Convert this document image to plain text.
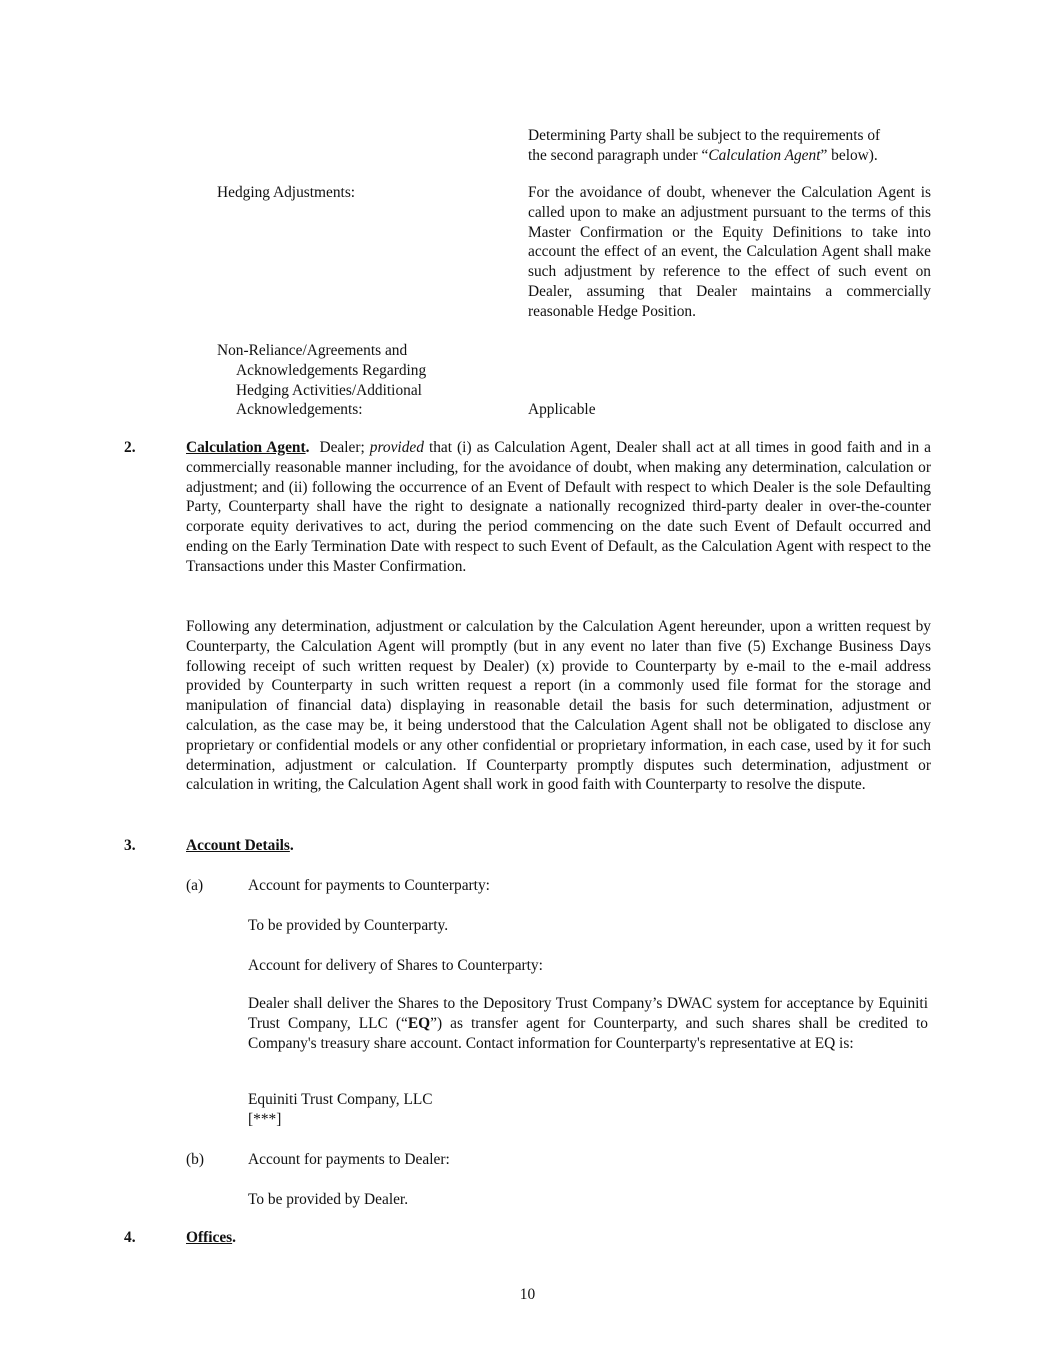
Determining Party shall be subject to the requirements of
the second paragraph under “Calculation Agent” below).
Hedging Adjustments:	For the avoidance of doubt, whenever the Calculation Agent is called upon to make an adjustment pursuant to the terms of this Master Confirmation or the Equity Definitions to take into account the effect of an event, the Calculation Agent shall make such adjustment by reference to the effect of such event on Dealer, assuming that Dealer maintains a commercially reasonable Hedge Position.
Non-Reliance/Agreements and
Acknowledgements Regarding
Hedging Activities/Additional
Acknowledgements:	Applicable
2.	Calculation Agent. Dealer; provided that (i) as Calculation Agent, Dealer shall act at all times in good faith and in a commercially reasonable manner including, for the avoidance of doubt, when making any determination, calculation or adjustment; and (ii) following the occurrence of an Event of Default with respect to which Dealer is the sole Defaulting Party, Counterparty shall have the right to designate a nationally recognized third-party dealer in over-the-counter corporate equity derivatives to act, during the period commencing on the date such Event of Default occurred and ending on the Early Termination Date with respect to such Event of Default, as the Calculation Agent with respect to the Transactions under this Master Confirmation.
Following any determination, adjustment or calculation by the Calculation Agent hereunder, upon a written request by Counterparty, the Calculation Agent will promptly (but in any event no later than five (5) Exchange Business Days following receipt of such written request by Dealer) (x) provide to Counterparty by e-mail to the e-mail address provided by Counterparty in such written request a report (in a commonly used file format for the storage and manipulation of financial data) displaying in reasonable detail the basis for such determination, adjustment or calculation, as the case may be, it being understood that the Calculation Agent shall not be obligated to disclose any proprietary or confidential models or any other confidential or proprietary information, in each case, used by it for such determination, adjustment or calculation. If Counterparty promptly disputes such determination, adjustment or calculation in writing, the Calculation Agent shall work in good faith with Counterparty to resolve the dispute.
3.	Account Details.
(a)	Account for payments to Counterparty:
To be provided by Counterparty.
Account for delivery of Shares to Counterparty:
Dealer shall deliver the Shares to the Depository Trust Company’s DWAC system for acceptance by Equiniti Trust Company, LLC (“EQ”) as transfer agent for Counterparty, and such shares shall be credited to Company's treasury share account. Contact information for Counterparty's representative at EQ is:
Equiniti Trust Company, LLC
[***]
(b)	Account for payments to Dealer:
To be provided by Dealer.
4.	Offices.
10
